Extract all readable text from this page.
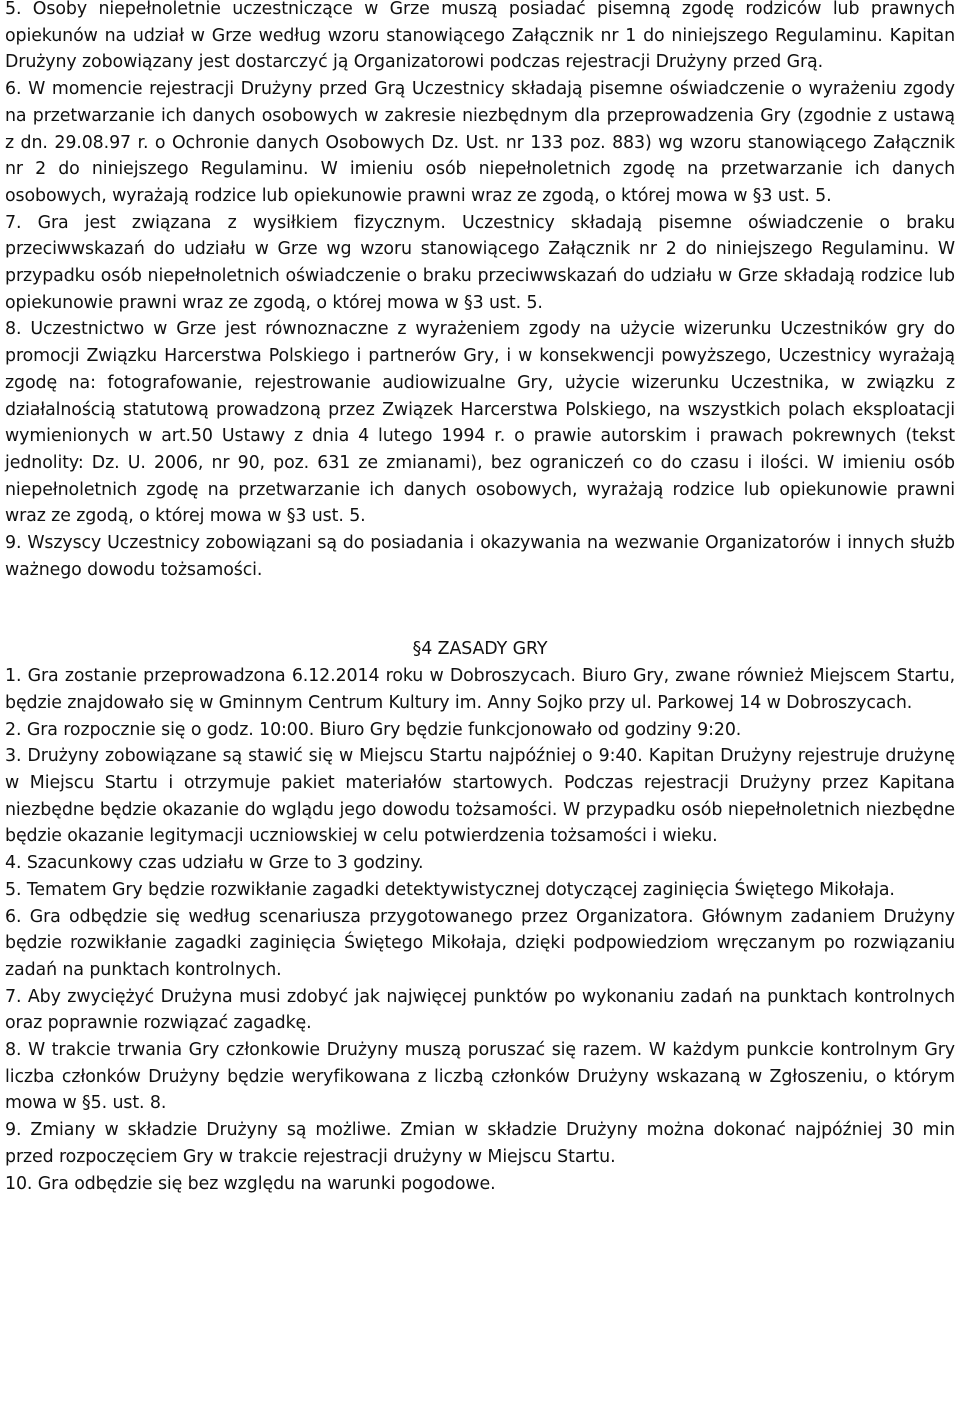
5. Osoby niepełnoletnie uczestniczące w Grze muszą posiadać pisemną zgodę rodziców lub prawnych opiekunów na udział w Grze według wzoru stanowiącego Załącznik nr 1 do niniejszego Regulaminu. Kapitan Drużyny zobowiązany jest dostarczyć ją Organizatorowi podczas rejestracji Drużyny przed Grą.

6. W momencie rejestracji Drużyny przed Grą Uczestnicy składają pisemne oświadczenie o wyrażeniu zgody na przetwarzanie ich danych osobowych w zakresie niezbędnym dla przeprowadzenia Gry (zgodnie z ustawą z dn. 29.08.97 r. o Ochronie danych Osobowych Dz. Ust. nr 133 poz. 883) wg wzoru stanowiącego Załącznik nr 2 do niniejszego Regulaminu. W imieniu osób niepełnoletnich zgodę na przetwarzanie ich danych osobowych, wyrażają rodzice lub opiekunowie prawni wraz ze zgodą, o której mowa w §3 ust. 5.

7. Gra jest związana z wysiłkiem fizycznym. Uczestnicy składają pisemne oświadczenie o braku przeciwwskazań do udziału w Grze wg wzoru stanowiącego Załącznik nr 2 do niniejszego Regulaminu. W przypadku osób niepełnoletnich oświadczenie o braku przeciwwskazań do udziału w Grze składają rodzice lub opiekunowie prawni wraz ze zgodą, o której mowa w §3 ust. 5.

8. Uczestnictwo w Grze jest równoznaczne z wyrażeniem zgody na użycie wizerunku Uczestników gry do promocji Związku Harcerstwa Polskiego i partnerów Gry, i w konsekwencji powyższego, Uczestnicy wyrażają zgodę na: fotografowanie, rejestrowanie audiowizualne Gry, użycie wizerunku Uczestnika, w związku z działalnością statutową prowadzoną przez Związek Harcerstwa Polskiego, na wszystkich polach eksploatacji wymienionych w art.50 Ustawy z dnia 4 lutego 1994 r. o prawie autorskim i prawach pokrewnych (tekst jednolity: Dz. U. 2006, nr 90, poz. 631 ze zmianami), bez ograniczeń co do czasu i ilości. W imieniu osób niepełnoletnich zgodę na przetwarzanie ich danych osobowych, wyrażają rodzice lub opiekunowie prawni wraz ze zgodą, o której mowa w §3 ust. 5.

9. Wszyscy Uczestnicy zobowiązani są do posiadania i okazywania na wezwanie Organizatorów i innych służb ważnego dowodu tożsamości.

§4 ZASADY GRY

1. Gra zostanie przeprowadzona 6.12.2014 roku w Dobroszycach. Biuro Gry, zwane również Miejscem Startu, będzie znajdowało się w Gminnym Centrum Kultury im. Anny Sojko przy ul. Parkowej 14 w Dobroszycach.

2. Gra rozpocznie się o godz. 10:00. Biuro Gry będzie funkcjonowało od godziny 9:20.

3. Drużyny zobowiązane są stawić się w Miejscu Startu najpóźniej o 9:40. Kapitan Drużyny rejestruje drużynę w Miejscu Startu i otrzymuje pakiet materiałów startowych. Podczas rejestracji Drużyny przez Kapitana niezbędne będzie okazanie do wglądu jego dowodu tożsamości. W przypadku osób niepełnoletnich niezbędne będzie okazanie legitymacji uczniowskiej w celu potwierdzenia tożsamości i wieku.

4. Szacunkowy czas udziału w Grze to 3 godziny.

5. Tematem Gry będzie rozwikłanie zagadki detektywistycznej dotyczącej zaginięcia Świętego Mikołaja.

6. Gra odbędzie się według scenariusza przygotowanego przez Organizatora. Głównym zadaniem Drużyny będzie rozwikłanie zagadki zaginięcia Świętego Mikołaja, dzięki podpowiedziom wręczanym po rozwiązaniu zadań na punktach kontrolnych.

7. Aby zwyciężyć Drużyna musi zdobyć jak najwięcej punktów po wykonaniu zadań na punktach kontrolnych oraz poprawnie rozwiązać zagadkę.

8. W trakcie trwania Gry członkowie Drużyny muszą poruszać się razem. W każdym punkcie kontrolnym Gry liczba członków Drużyny będzie weryfikowana z liczbą członków Drużyny wskazaną w Zgłoszeniu, o którym mowa w §5. ust. 8.

9. Zmiany w składzie Drużyny są możliwe. Zmian w składzie Drużyny można dokonać najpóźniej 30 min przed rozpoczęciem Gry w trakcie rejestracji drużyny w Miejscu Startu.

10. Gra odbędzie się bez względu na warunki pogodowe.
